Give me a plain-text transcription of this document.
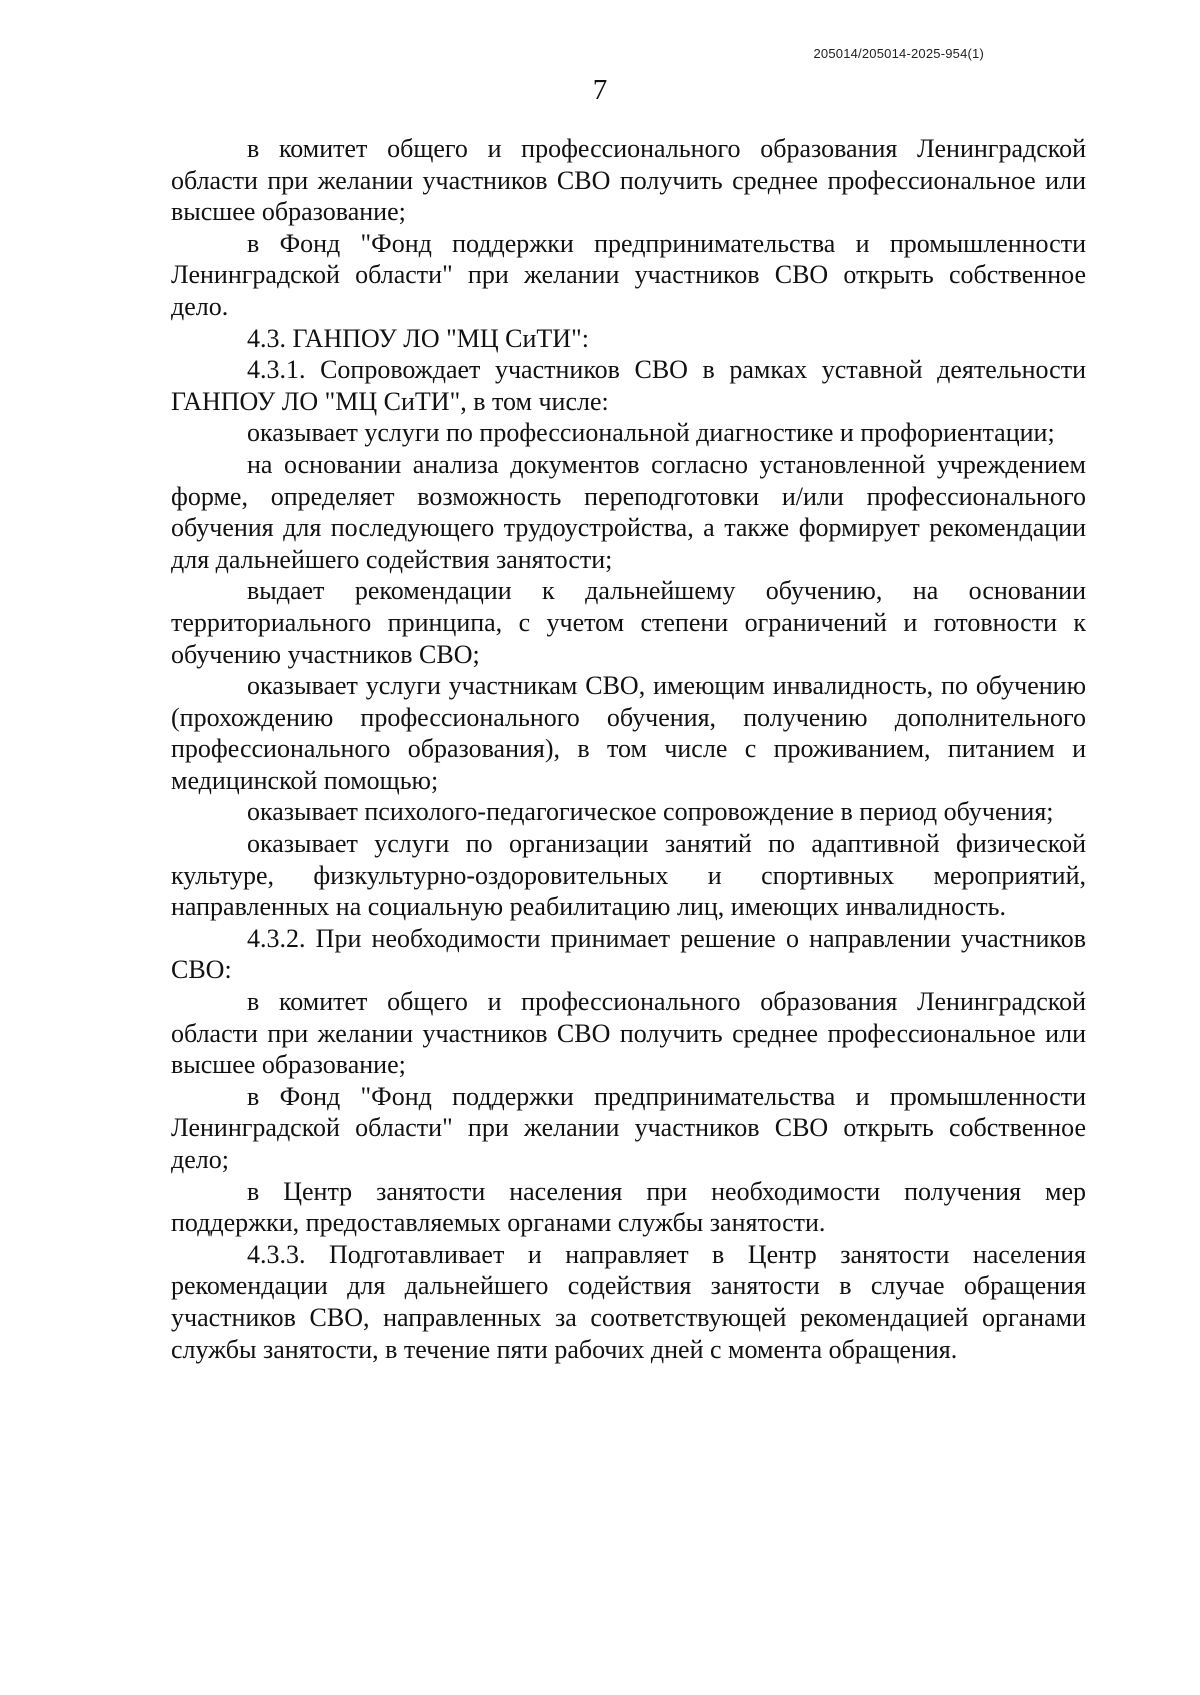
205014/205014-2025-954(1)
7

в комитет общего и профессионального образования Ленинградской области при желании участников СВО получить среднее профессиональное или высшее образование;

в Фонд "Фонд поддержки предпринимательства и промышленности Ленинградской области" при желании участников СВО открыть собственное дело.

4.3. ГАНПОУ ЛО "МЦ СиТИ":

4.3.1. Сопровождает участников СВО в рамках уставной деятельности ГАНПОУ ЛО "МЦ СиТИ", в том числе:

оказывает услуги по профессиональной диагностике и профориентации;

на основании анализа документов согласно установленной учреждением форме, определяет возможность переподготовки и/или профессионального обучения для последующего трудоустройства, а также формирует рекомендации для дальнейшего содействия занятости;

выдает рекомендации к дальнейшему обучению, на основании территориального принципа, с учетом степени ограничений и готовности к обучению участников СВО;

оказывает услуги участникам СВО, имеющим инвалидность, по обучению (прохождению профессионального обучения, получению дополнительного профессионального образования), в том числе с проживанием, питанием и медицинской помощью;

оказывает психолого-педагогическое сопровождение в период обучения;

оказывает услуги по организации занятий по адаптивной физической культуре, физкультурно-оздоровительных и спортивных мероприятий, направленных на социальную реабилитацию лиц, имеющих инвалидность.

4.3.2. При необходимости принимает решение о направлении участников СВО:

в комитет общего и профессионального образования Ленинградской области при желании участников СВО получить среднее профессиональное или высшее образование;

в Фонд "Фонд поддержки предпринимательства и промышленности Ленинградской области" при желании участников СВО открыть собственное дело;

в Центр занятости населения при необходимости получения мер поддержки, предоставляемых органами службы занятости.

4.3.3. Подготавливает и направляет в Центр занятости населения рекомендации для дальнейшего содействия занятости в случае обращения участников СВО, направленных за соответствующей рекомендацией органами службы занятости, в течение пяти рабочих дней с момента обращения.
